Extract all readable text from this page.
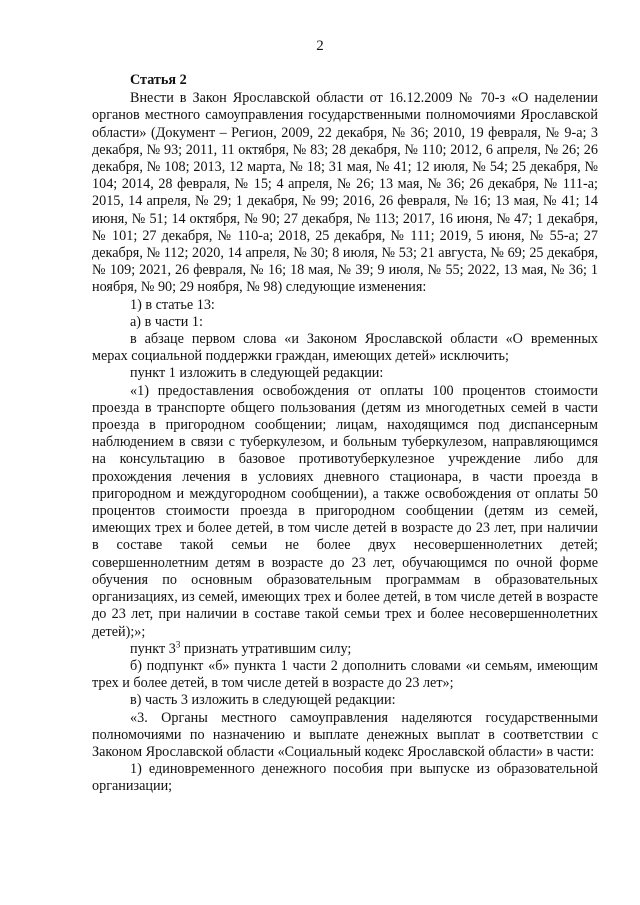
2
Статья 2

Внести в Закон Ярославской области от 16.12.2009 № 70-з «О наделении органов местного самоуправления государственными полномочиями Ярославской области» (Документ – Регион, 2009, 22 декабря, № 36; 2010, 19 февраля, № 9-а; 3 декабря, № 93; 2011, 11 октября, № 83; 28 декабря, № 110; 2012, 6 апреля, № 26; 26 декабря, № 108; 2013, 12 марта, № 18; 31 мая, № 41; 12 июля, № 54; 25 декабря, № 104; 2014, 28 февраля, № 15; 4 апреля, № 26; 13 мая, № 36; 26 декабря, № 111-а; 2015, 14 апреля, № 29; 1 декабря, № 99; 2016, 26 февраля, № 16; 13 мая, № 41; 14 июня, № 51; 14 октября, № 90; 27 декабря, № 113; 2017, 16 июня, № 47; 1 декабря, № 101; 27 декабря, № 110-а; 2018, 25 декабря, № 111; 2019, 5 июня, № 55-а; 27 декабря, № 112; 2020, 14 апреля, № 30; 8 июля, № 53; 21 августа, № 69; 25 декабря, № 109; 2021, 26 февраля, № 16; 18 мая, № 39; 9 июля, № 55; 2022, 13 мая, № 36; 1 ноября, № 90; 29 ноября, № 98) следующие изменения:

1) в статье 13:

а) в части 1:

в абзаце первом слова «и Законом Ярославской области «О временных мерах социальной поддержки граждан, имеющих детей» исключить;

пункт 1 изложить в следующей редакции:

«1) предоставления освобождения от оплаты 100 процентов стоимости проезда в транспорте общего пользования (детям из многодетных семей в части проезда в пригородном сообщении; лицам, находящимся под диспансерным наблюдением в связи с туберкулезом, и больным туберкулезом, направляющимся на консультацию в базовое противотуберкулезное учреждение либо для прохождения лечения в условиях дневного стационара, в части проезда в пригородном и междугородном сообщении), а также освобождения от оплаты 50 процентов стоимости проезда в пригородном сообщении (детям из семей, имеющих трех и более детей, в том числе детей в возрасте до 23 лет, при наличии в составе такой семьи не более двух несовершеннолетних детей; совершеннолетним детям в возрасте до 23 лет, обучающимся по очной форме обучения по основным образовательным программам в образовательных организациях, из семей, имеющих трех и более детей, в том числе детей в возрасте до 23 лет, при наличии в составе такой семьи трех и более несовершеннолетних детей);»;

пункт $3^3$ признать утратившим силу;

б) подпункт «б» пункта 1 части 2 дополнить словами «и семьям, имеющим трех и более детей, в том числе детей в возрасте до 23 лет»;

в) часть 3 изложить в следующей редакции:

«3. Органы местного самоуправления наделяются государственными полномочиями по назначению и выплате денежных выплат в соответствии с Законом Ярославской области «Социальный кодекс Ярославской области» в части:

1) единовременного денежного пособия при выпуске из образовательной организации;
